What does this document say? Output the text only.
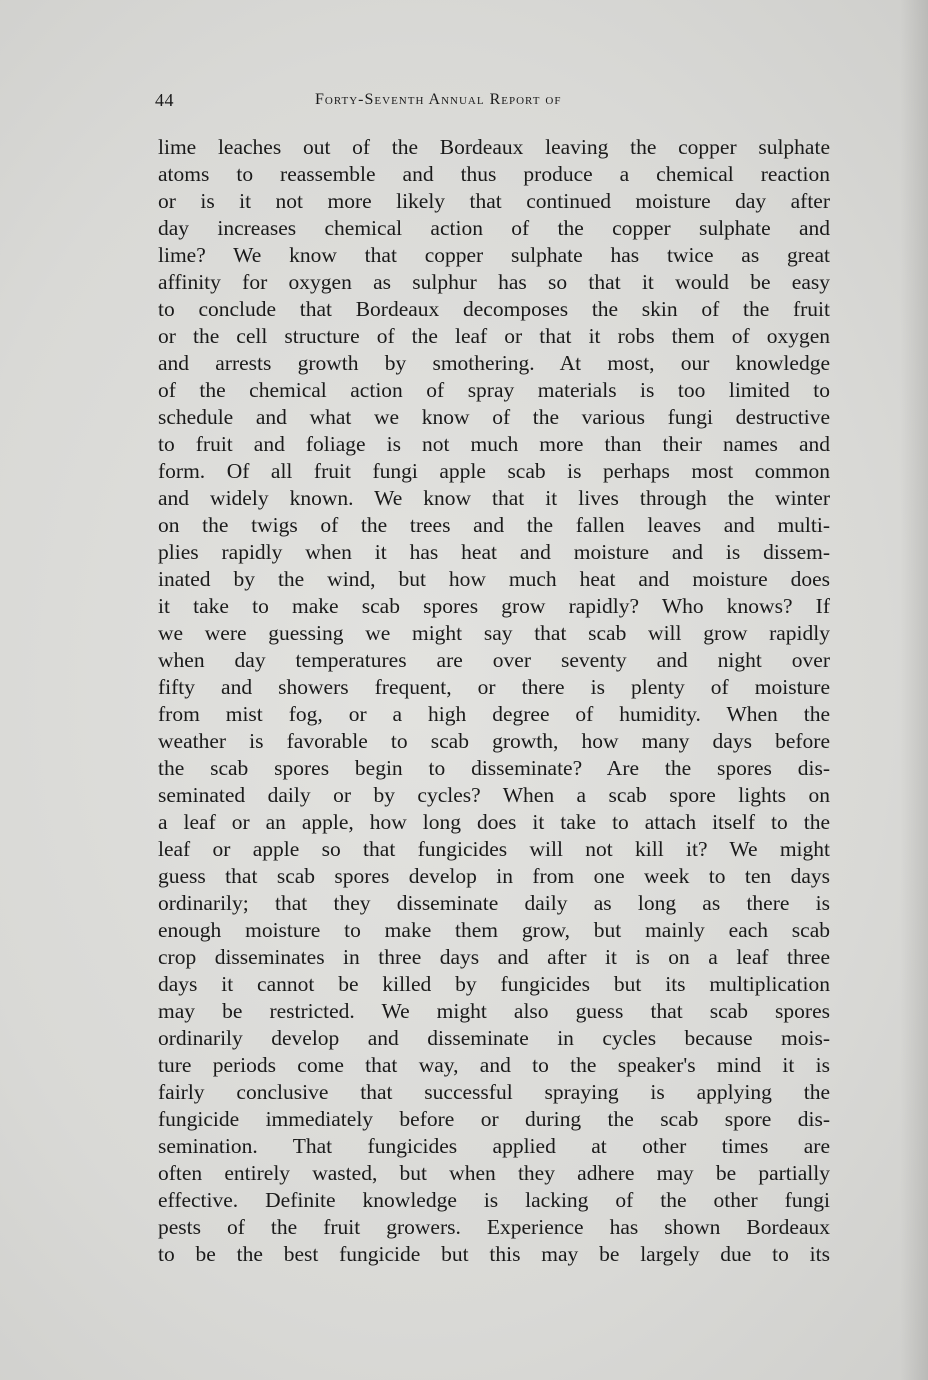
44	Forty-Seventh Annual Report of
lime leaches out of the Bordeaux leaving the copper sulphate
atoms to reassemble and thus produce a chemical reaction
or is it not more likely that continued moisture day after
day increases chemical action of the copper sulphate and
lime? We know that copper sulphate has twice as great
affinity for oxygen as sulphur has so that it would be easy
to conclude that Bordeaux decomposes the skin of the fruit
or the cell structure of the leaf or that it robs them of oxygen
and arrests growth by smothering. At most, our knowledge
of the chemical action of spray materials is too limited to
schedule and what we know of the various fungi destructive
to fruit and foliage is not much more than their names and
form. Of all fruit fungi apple scab is perhaps most common
and widely known. We know that it lives through the winter
on the twigs of the trees and the fallen leaves and multi-
plies rapidly when it has heat and moisture and is dissem-
inated by the wind, but how much heat and moisture does
it take to make scab spores grow rapidly? Who knows? If
we were guessing we might say that scab will grow rapidly
when day temperatures are over seventy and night over
fifty and showers frequent, or there is plenty of moisture
from mist fog, or a high degree of humidity. When the
weather is favorable to scab growth, how many days before
the scab spores begin to disseminate? Are the spores dis-
seminated daily or by cycles? When a scab spore lights on
a leaf or an apple, how long does it take to attach itself to the
leaf or apple so that fungicides will not kill it? We might
guess that scab spores develop in from one week to ten days
ordinarily; that they disseminate daily as long as there is
enough moisture to make them grow, but mainly each scab
crop disseminates in three days and after it is on a leaf three
days it cannot be killed by fungicides but its multiplication
may be restricted. We might also guess that scab spores
ordinarily develop and disseminate in cycles because mois-
ture periods come that way, and to the speaker's mind it is
fairly conclusive that successful spraying is applying the
fungicide immediately before or during the scab spore dis-
semination. That fungicides applied at other times are
often entirely wasted, but when they adhere may be partially
effective. Definite knowledge is lacking of the other fungi
pests of the fruit growers. Experience has shown Bordeaux
to be the best fungicide but this may be largely due to its
